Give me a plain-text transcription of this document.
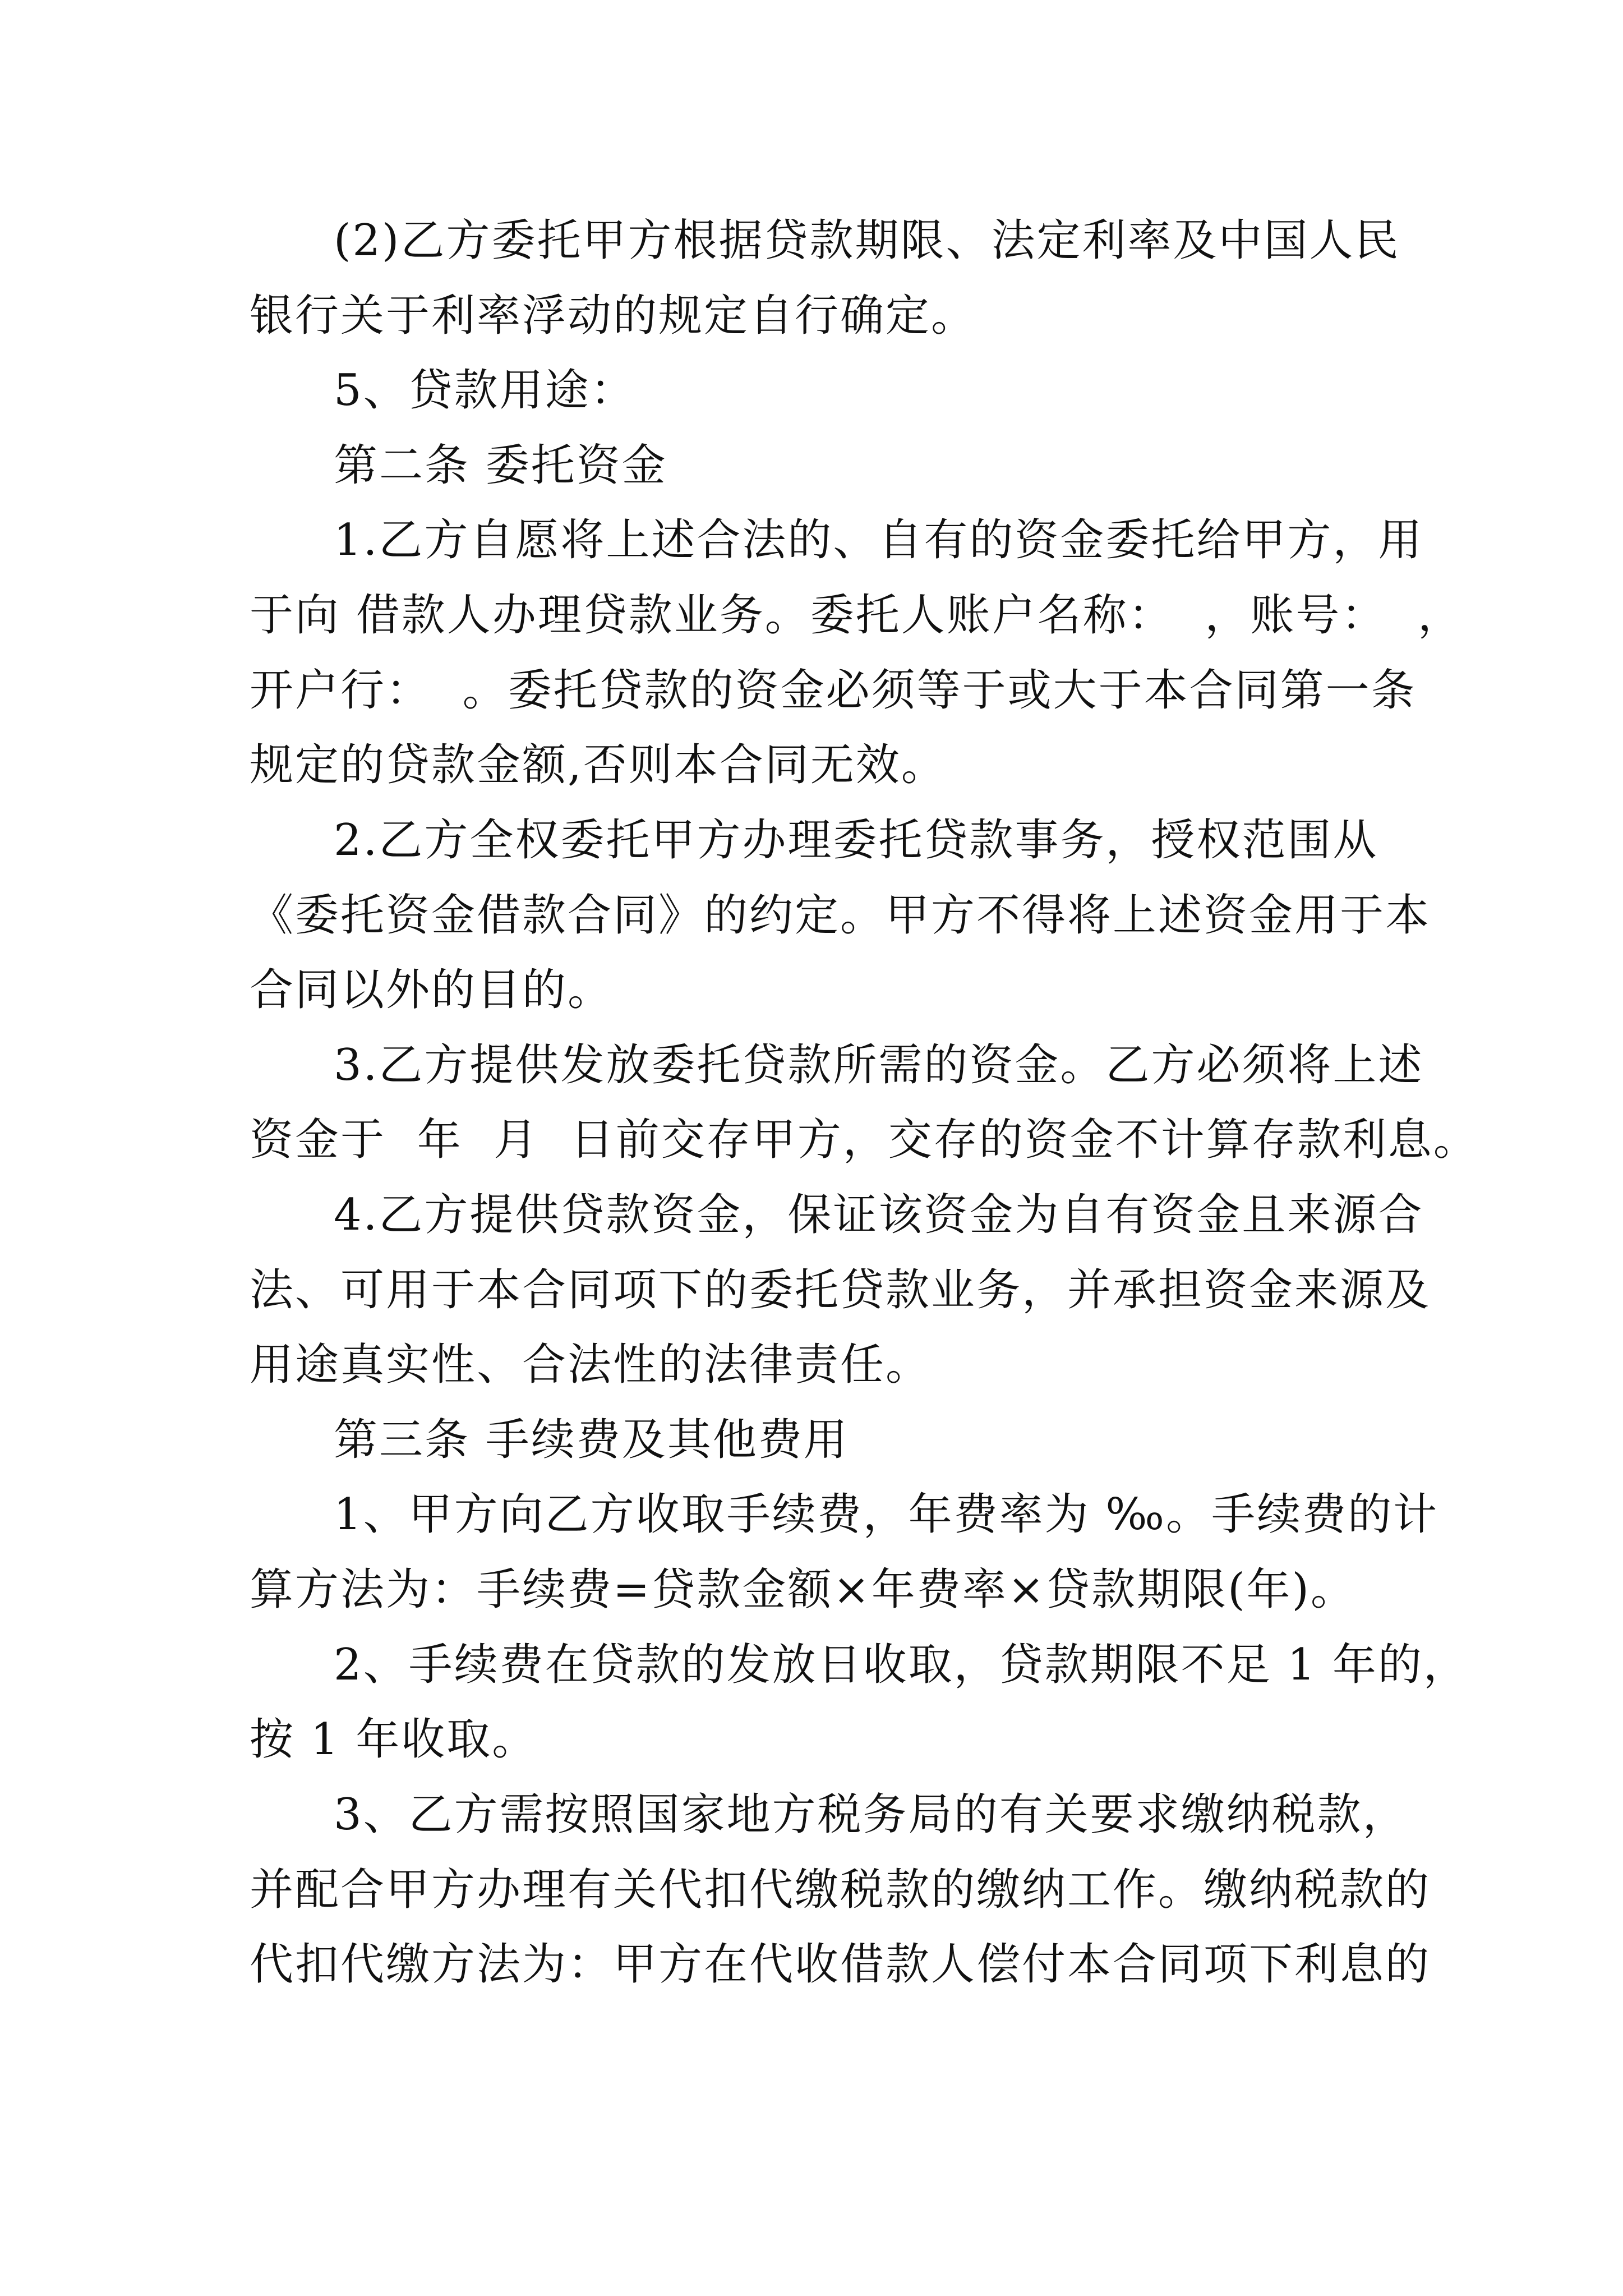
(2)乙方委托甲方根据贷款期限、法定利率及中国人民
银行关于利率浮动的规定自行确定。
5、贷款用途：
第二条 委托资金
1.乙方自愿将上述合法的、自有的资金委托给甲方，用
于向 借款人办理贷款业务。委托人账户名称：  ，账号：  ，
开户行：  。委托贷款的资金必须等于或大于本合同第一条
规定的贷款金额,否则本合同无效。
2.乙方全权委托甲方办理委托贷款事务，授权范围从
《委托资金借款合同》的约定。甲方不得将上述资金用于本
合同以外的目的。
3.乙方提供发放委托贷款所需的资金。乙方必须将上述
资金于  年  月  日前交存甲方，交存的资金不计算存款利息。
4.乙方提供贷款资金，保证该资金为自有资金且来源合
法、可用于本合同项下的委托贷款业务，并承担资金来源及
用途真实性、合法性的法律责任。
第三条 手续费及其他费用
1、甲方向乙方收取手续费，年费率为 ‰。手续费的计
算方法为：手续费=贷款金额×年费率×贷款期限(年)。
2、手续费在贷款的发放日收取，贷款期限不足 1 年的，
按 1 年收取。
3、乙方需按照国家地方税务局的有关要求缴纳税款，
并配合甲方办理有关代扣代缴税款的缴纳工作。缴纳税款的
代扣代缴方法为：甲方在代收借款人偿付本合同项下利息的
